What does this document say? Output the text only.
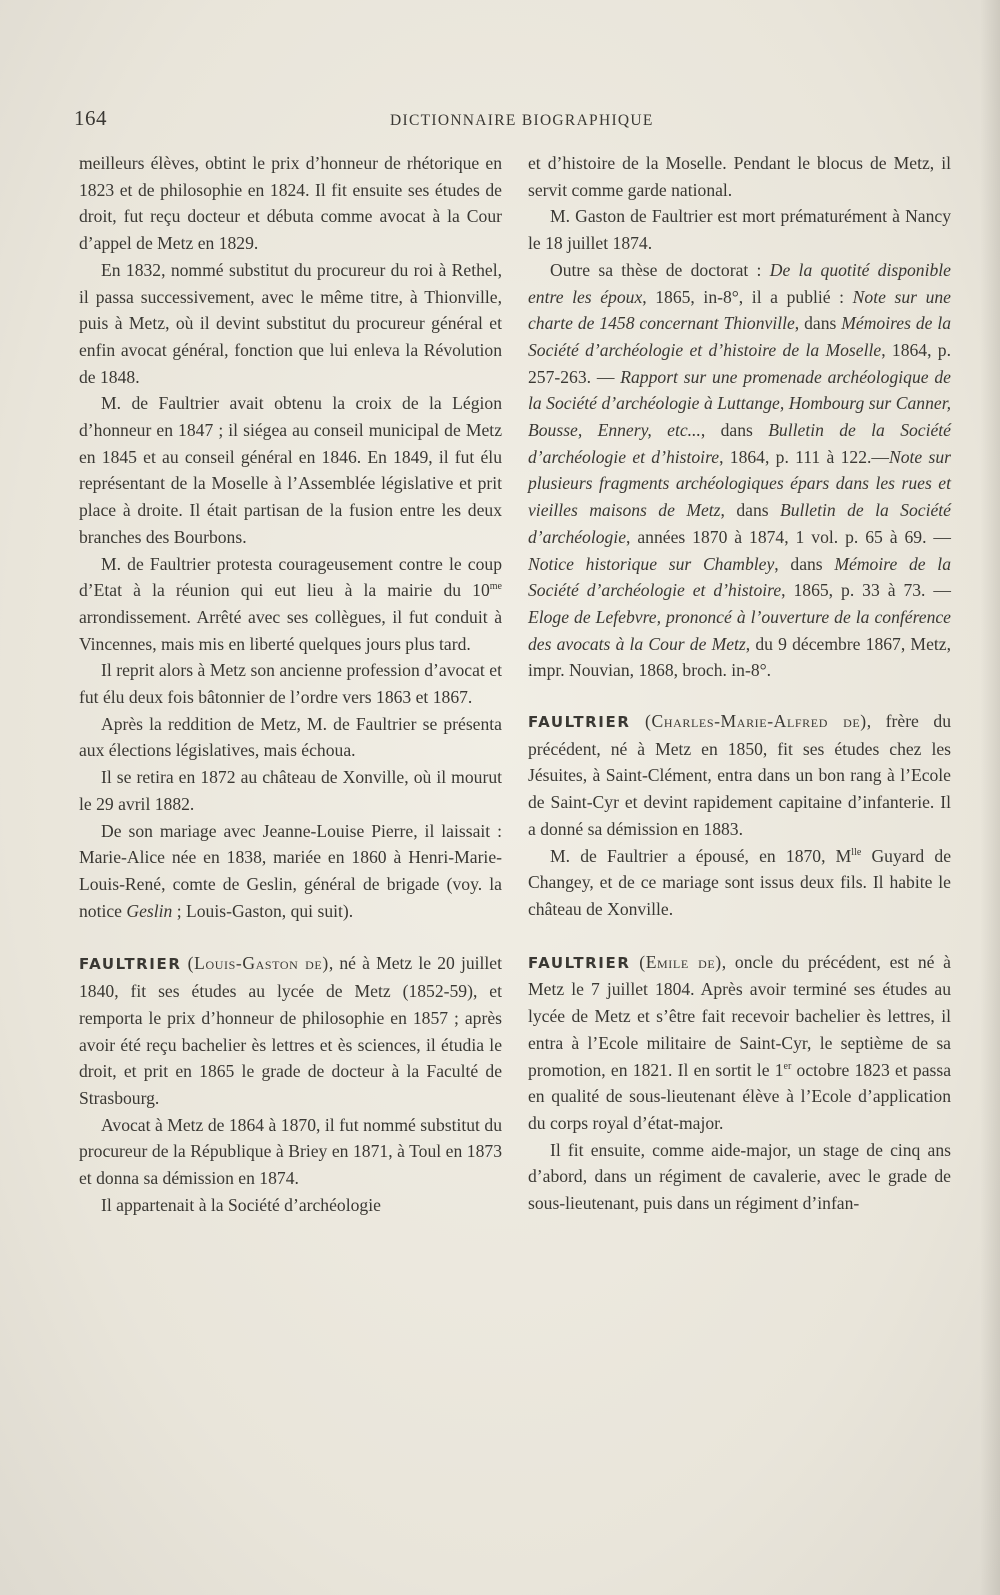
164	DICTIONNAIRE BIOGRAPHIQUE

meilleurs élèves, obtint le prix d’honneur de rhétorique en 1823 et de philosophie en 1824. Il fit ensuite ses études de droit, fut reçu docteur et débuta comme avocat à la Cour d’appel de Metz en 1829.

En 1832, nommé substitut du procureur du roi à Rethel, il passa successivement, avec le même titre, à Thionville, puis à Metz, où il devint substitut du procureur général et enfin avocat général, fonction que lui enleva la Révolution de 1848.

M. de Faultrier avait obtenu la croix de la Légion d’honneur en 1847 ; il siégea au conseil municipal de Metz en 1845 et au conseil général en 1846. En 1849, il fut élu représentant de la Moselle à l’Assemblée législative et prit place à droite. Il était partisan de la fusion entre les deux branches des Bourbons.

M. de Faultrier protesta courageusement contre le coup d’Etat à la réunion qui eut lieu à la mairie du $10^{me}$ arrondissement. Arrêté avec ses collègues, il fut conduit à Vincennes, mais mis en liberté quelques jours plus tard.

Il reprit alors à Metz son ancienne profession d’avocat et fut élu deux fois bâtonnier de l’ordre vers 1863 et 1867.

Après la reddition de Metz, M. de Faultrier se présenta aux élections législatives, mais échoua.

Il se retira en 1872 au château de Xonville, où il mourut le 29 avril 1882.

De son mariage avec Jeanne-Louise Pierre, il laissait : Marie-Alice née en 1838, mariée en 1860 à Henri-Marie-Louis-René, comte de Geslin, général de brigade (voy. la notice Geslin ; Louis-Gaston, qui suit).

FAULTRIER (Louis-Gaston de), né à Metz le 20 juillet 1840, fit ses études au lycée de Metz (1852-59), et remporta le prix d’honneur de philosophie en 1857 ; après avoir été reçu bachelier ès lettres et ès sciences, il étudia le droit, et prit en 1865 le grade de docteur à la Faculté de Strasbourg.

Avocat à Metz de 1864 à 1870, il fut nommé substitut du procureur de la République à Briey en 1871, à Toul en 1873 et donna sa démission en 1874.

Il appartenait à la Société d’archéologie

et d’histoire de la Moselle. Pendant le blocus de Metz, il servit comme garde national.

M. Gaston de Faultrier est mort prématurément à Nancy le 18 juillet 1874.

Outre sa thèse de doctorat : De la quotité disponible entre les époux, 1865, in-8°, il a publié : Note sur une charte de 1458 concernant Thionville, dans Mémoires de la Société d’archéologie et d’histoire de la Moselle, 1864, p. 257-263. — Rapport sur une promenade archéologique de la Société d’archéologie à Luttange, Hombourg sur Canner, Bousse, Ennery, etc..., dans Bulletin de la Société d’archéologie et d’histoire, 1864, p. 111 à 122.—Note sur plusieurs fragments archéologiques épars dans les rues et vieilles maisons de Metz, dans Bulletin de la Société d’archéologie, années 1870 à 1874, 1 vol. p. 65 à 69. — Notice historique sur Chambley, dans Mémoire de la Société d’archéologie et d’histoire, 1865, p. 33 à 73. — Eloge de Lefebvre, prononcé à l’ouverture de la conférence des avocats à la Cour de Metz, du 9 décembre 1867, Metz, impr. Nouvian, 1868, broch. in-8°.

FAULTRIER (Charles-Marie-Alfred de), frère du précédent, né à Metz en 1850, fit ses études chez les Jésuites, à Saint-Clément, entra dans un bon rang à l’Ecole de Saint-Cyr et devint rapidement capitaine d’infanterie. Il a donné sa démission en 1883.

M. de Faultrier a épousé, en 1870, $M^{lle}$ Guyard de Changey, et de ce mariage sont issus deux fils. Il habite le château de Xonville.

FAULTRIER (Emile de), oncle du précédent, est né à Metz le 7 juillet 1804. Après avoir terminé ses études au lycée de Metz et s’être fait recevoir bachelier ès lettres, il entra à l’Ecole militaire de Saint-Cyr, le septième de sa promotion, en 1821. Il en sortit le 1er octobre 1823 et passa en qualité de sous-lieutenant élève à l’Ecole d’application du corps royal d’état-major.

Il fit ensuite, comme aide-major, un stage de cinq ans d’abord, dans un régiment de cavalerie, avec le grade de sous-lieutenant, puis dans un régiment d’infan-
